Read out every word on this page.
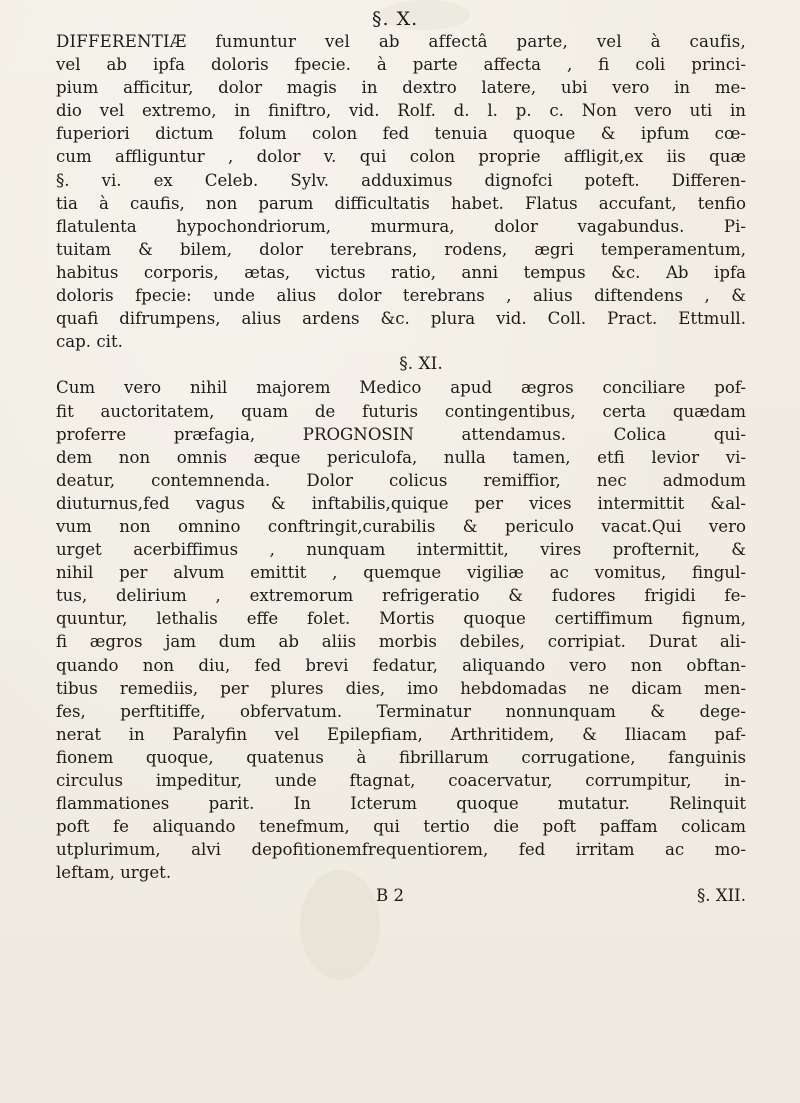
§. X.
DIFFERENTIÆ fumuntur vel ab affectâ parte, vel à caufis,
vel ab ipfa doloris fpecie. à parte affecta , fi coli princi-
pium afficitur, dolor magis in dextro latere, ubi vero in me-
dio vel extremo, in finiftro, vid. Rolf. d. l. p. c. Non vero uti in
fuperiori dictum folum colon fed tenuia quoque & ipfum cœ-
cum affliguntur , dolor v. qui colon proprie affligit,ex iis quæ
§. vi. ex Celeb. Sylv. adduximus dignofci poteft. Differen-
tia à caufis, non parum difficultatis habet. Flatus accufant, tenfio
flatulenta hypochondriorum, murmura, dolor vagabundus. Pi-
tuitam & bilem, dolor terebrans, rodens, ægri temperamentum,
habitus corporis, ætas, victus ratio, anni tempus &c. Ab ipfa
doloris fpecie: unde alius dolor terebrans , alius diftendens , &
quafi difrumpens, alius ardens &c. plura vid. Coll. Pract. Ettmull.
cap. cit.
§. XI.
Cum vero nihil majorem Medico apud ægros conciliare pof-
fit auctoritatem, quam de futuris contingentibus, certa quædam
proferre præfagia, PROGNOSIN attendamus. Colica qui-
dem non omnis æque periculofa, nulla tamen, etfi levior vi-
deatur, contemnenda. Dolor colicus remiffior, nec admodum
diuturnus,fed vagus & inftabilis,quique per vices intermittit &al-
vum non omnino conftringit,curabilis & periculo vacat.Qui vero
urget acerbiffimus , nunquam intermittit, vires profternit, &
nihil per alvum emittit , quemque vigiliæ ac vomitus, fingul-
tus, delirium , extremorum refrigeratio & fudores frigidi fe-
quuntur, lethalis effe folet. Mortis quoque certiffimum fignum,
fi ægros jam dum ab aliis morbis debiles, corripiat. Durat ali-
quando non diu, fed brevi fedatur, aliquando vero non obftan-
tibus remediis, per plures dies, imo hebdomadas ne dicam men-
fes, perftitiffe, obfervatum. Terminatur nonnunquam & dege-
nerat in Paralyfin vel Epilepfiam, Arthritidem, & Iliacam paf-
fionem quoque, quatenus à fibrillarum corrugatione, fanguinis
circulus impeditur, unde ftagnat, coacervatur, corrumpitur, in-
flammationes parit. In Icterum quoque mutatur. Relinquit
poft fe aliquando tenefmum, qui tertio die poft paffam colicam
utplurimum, alvi depofitionemfrequentiorem, fed irritam ac mo-
leftam, urget.
B 2	§. XII.
